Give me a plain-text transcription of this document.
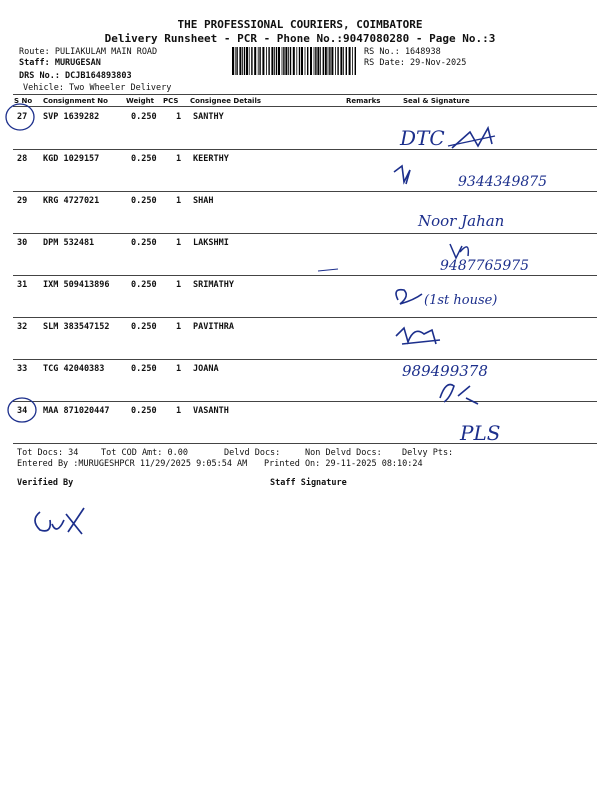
THE PROFESSIONAL COURIERS, COIMBATORE
Delivery Runsheet - PCR - Phone No.:9047080280 - Page No.:3
Route: PULIAKULAM MAIN ROAD
Staff: MURUGESAN
DRS No.: DCJB164893803
Vehicle: Two Wheeler Delivery
RS No.: 1648938
RS Date: 29-Nov-2025
S No Consignment No	Weight PCS Consignee Details	Remarks	Seal & Signature
27 SVP 1639282	0.250 1 SANTHY
28 KGD 1029157	0.250 1 KEERTHY
29 KRG 4727021	0.250 1 SHAH
30 DPM 532481	0.250 1 LAKSHMI
31 IXM 509413896	0.250 1 SRIMATHY
32 SLM 383547152	0.250 1 PAVITHRA
33 TCG 42040383	0.250 1 JOANA
34 MAA 871020447	0.250 1 VASANTH
Tot Docs: 34	Tot COD Amt: 0.00	Delvd Docs:	Non Delvd Docs: Delvy Pts:
Entered By :MURUGESHPCR 11/29/2025 9:05:54 AM Printed On: 29-11-2025 08:10:24
Verified By	Staff Signature
DTC
9344349875
Noor Jahan
9487765975
(1st house)
989499378
PLS
